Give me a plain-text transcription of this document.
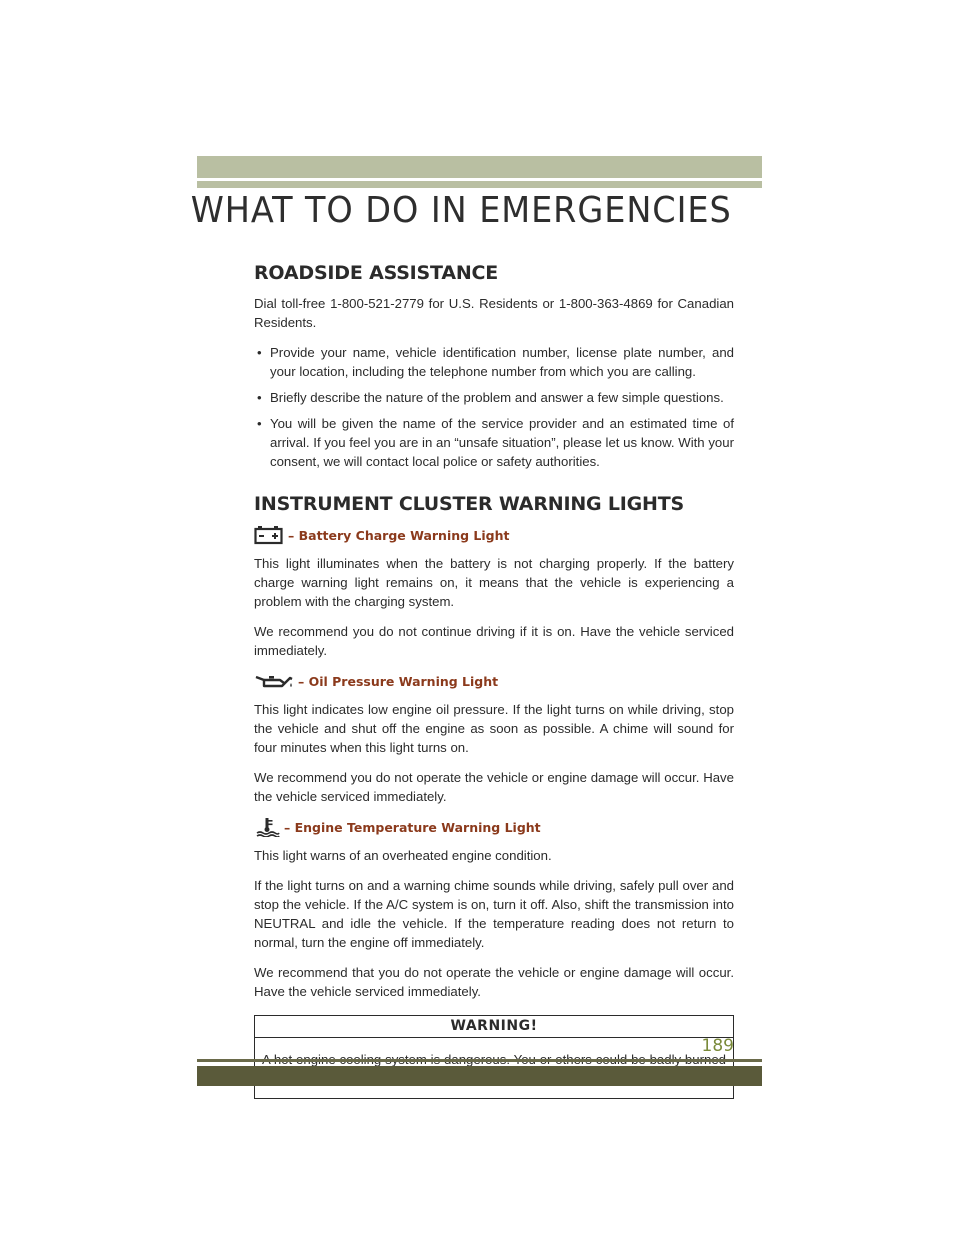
WHAT TO DO IN EMERGENCIES
ROADSIDE ASSISTANCE

Dial toll-free 1-800-521-2779 for U.S. Residents or 1-800-363-4869 for Canadian Residents.

• Provide your name, vehicle identification number, license plate number, and your location, including the telephone number from which you are calling.
• Briefly describe the nature of the problem and answer a few simple questions.
• You will be given the name of the service provider and an estimated time of arrival. If you feel you are in an “unsafe situation”, please let us know. With your consent, we will contact local police or safety authorities.
INSTRUMENT CLUSTER WARNING LIGHTS
– Battery Charge Warning Light

This light illuminates when the battery is not charging properly. If the battery charge warning light remains on, it means that the vehicle is experiencing a problem with the charging system.

We recommend you do not continue driving if it is on. Have the vehicle serviced immediately.

– Oil Pressure Warning Light

This light indicates low engine oil pressure. If the light turns on while driving, stop the vehicle and shut off the engine as soon as possible. A chime will sound for four minutes when this light turns on.

We recommend you do not operate the vehicle or engine damage will occur. Have the vehicle serviced immediately.

– Engine Temperature Warning Light

This light warns of an overheated engine condition.

If the light turns on and a warning chime sounds while driving, safely pull over and stop the vehicle. If the A/C system is on, turn it off. Also, shift the transmission into NEUTRAL and idle the vehicle. If the temperature reading does not return to normal, turn the engine off immediately.

We recommend that you do not operate the vehicle or engine damage will occur. Have the vehicle serviced immediately.

WARNING!

189
